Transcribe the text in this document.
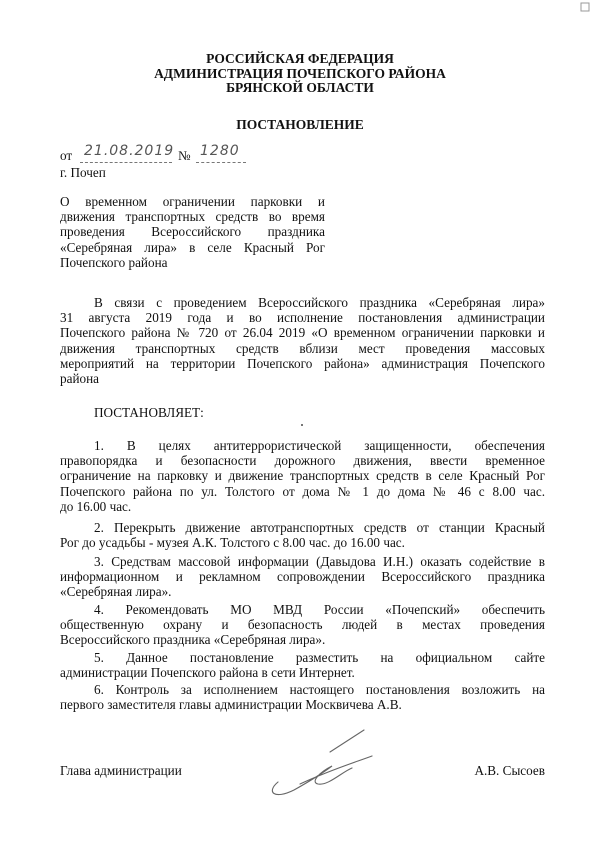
РОССИЙСКАЯ ФЕДЕРАЦИЯ
АДМИНИСТРАЦИЯ ПОЧЕПСКОГО РАЙОНА
БРЯНСКОЙ ОБЛАСТИ
ПОСТАНОВЛЕНИЕ
от 21.08.2019 № 1280
г. Почеп
О временном ограничении парковки и
движения транспортных средств во время
проведения Всероссийского праздника
«Серебряная лира» в селе Красный Рог
Почепского района
В связи с проведением Всероссийского праздника «Серебряная лира»
31 августа 2019 года и во исполнение постановления администрации
Почепского района № 720 от 26.04 2019 «О временном ограничении парковки и
движения транспортных средств вблизи мест проведения массовых
мероприятий на территории Почепского района» администрация Почепского
района
ПОСТАНОВЛЯЕТ:
1. В целях антитеррористической защищенности, обеспечения
правопорядка и безопасности дорожного движения, ввести временное
ограничение на парковку и движение транспортных средств в селе Красный Рог
Почепского района по ул. Толстого от дома № 1 до дома № 46 с 8.00 час.
до 16.00 час.
2. Перекрыть движение автотранспортных средств от станции Красный
Рог до усадьбы - музея А.К. Толстого с 8.00 час. до 16.00 час.
3. Средствам массовой информации (Давыдова И.Н.) оказать содействие в
информационном и рекламном сопровождении Всероссийского праздника
«Серебряная лира».
4. Рекомендовать МО МВД России «Почепский» обеспечить
общественную охрану и безопасность людей в местах проведения
Всероссийского праздника «Серебряная лира».
5. Данное постановление разместить на официальном сайте
администрации Почепского района в сети Интернет.
6. Контроль за исполнением настоящего постановления возложить на
первого заместителя главы администрации Москвичева А.В.
Глава администрации	А.В. Сысоев
